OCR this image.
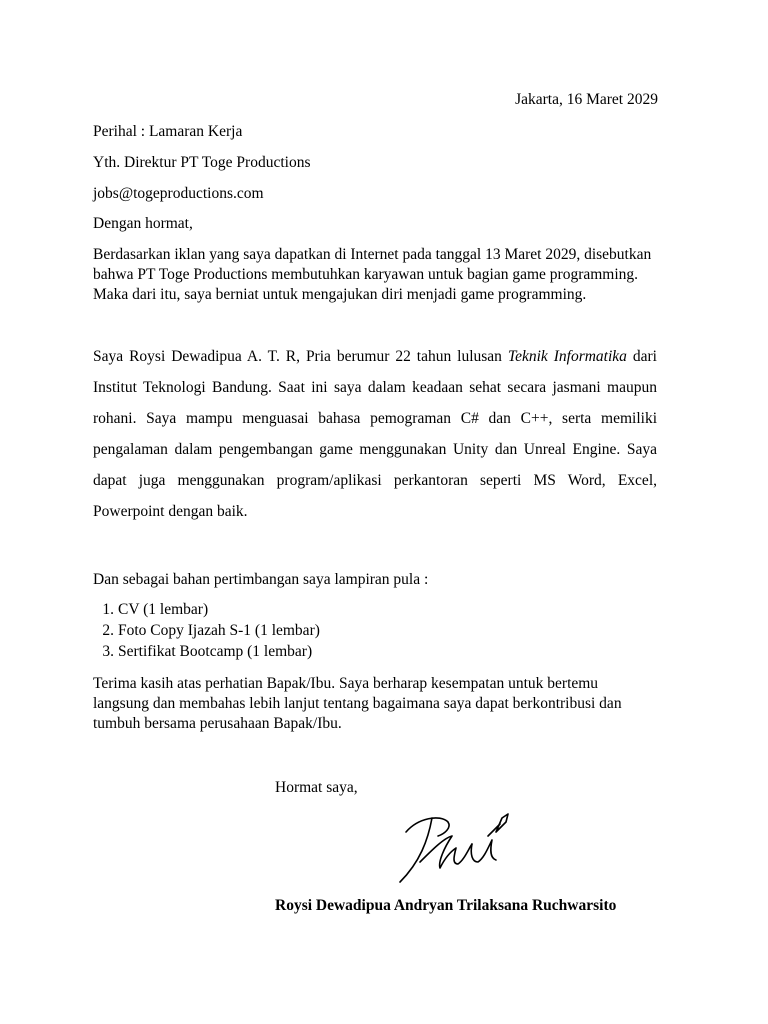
Jakarta, 16 Maret 2029
Perihal : Lamaran Kerja
Yth. Direktur PT Toge Productions
jobs@togeproductions.com
Dengan hormat,
Berdasarkan iklan yang saya dapatkan di Internet pada tanggal 13 Maret 2029, disebutkan bahwa PT Toge Productions membutuhkan karyawan untuk bagian game programming. Maka dari itu, saya berniat untuk mengajukan diri menjadi game programming.
Saya Roysi Dewadipua A. T. R, Pria berumur 22 tahun lulusan Teknik Informatika dari Institut Teknologi Bandung. Saat ini saya dalam keadaan sehat secara jasmani maupun rohani. Saya mampu menguasai bahasa pemograman C# dan C++, serta memiliki pengalaman dalam pengembangan game menggunakan Unity dan Unreal Engine. Saya dapat juga menggunakan program/aplikasi perkantoran seperti MS Word, Excel, Powerpoint dengan baik.
Dan sebagai bahan pertimbangan saya lampiran pula :
1. CV (1 lembar)
2. Foto Copy Ijazah S-1 (1 lembar)
3. Sertifikat Bootcamp (1 lembar)
Terima kasih atas perhatian Bapak/Ibu. Saya berharap kesempatan untuk bertemu langsung dan membahas lebih lanjut tentang bagaimana saya dapat berkontribusi dan tumbuh bersama perusahaan Bapak/Ibu.
Hormat saya,
Roysi Dewadipua Andryan Trilaksana Ruchwarsito
